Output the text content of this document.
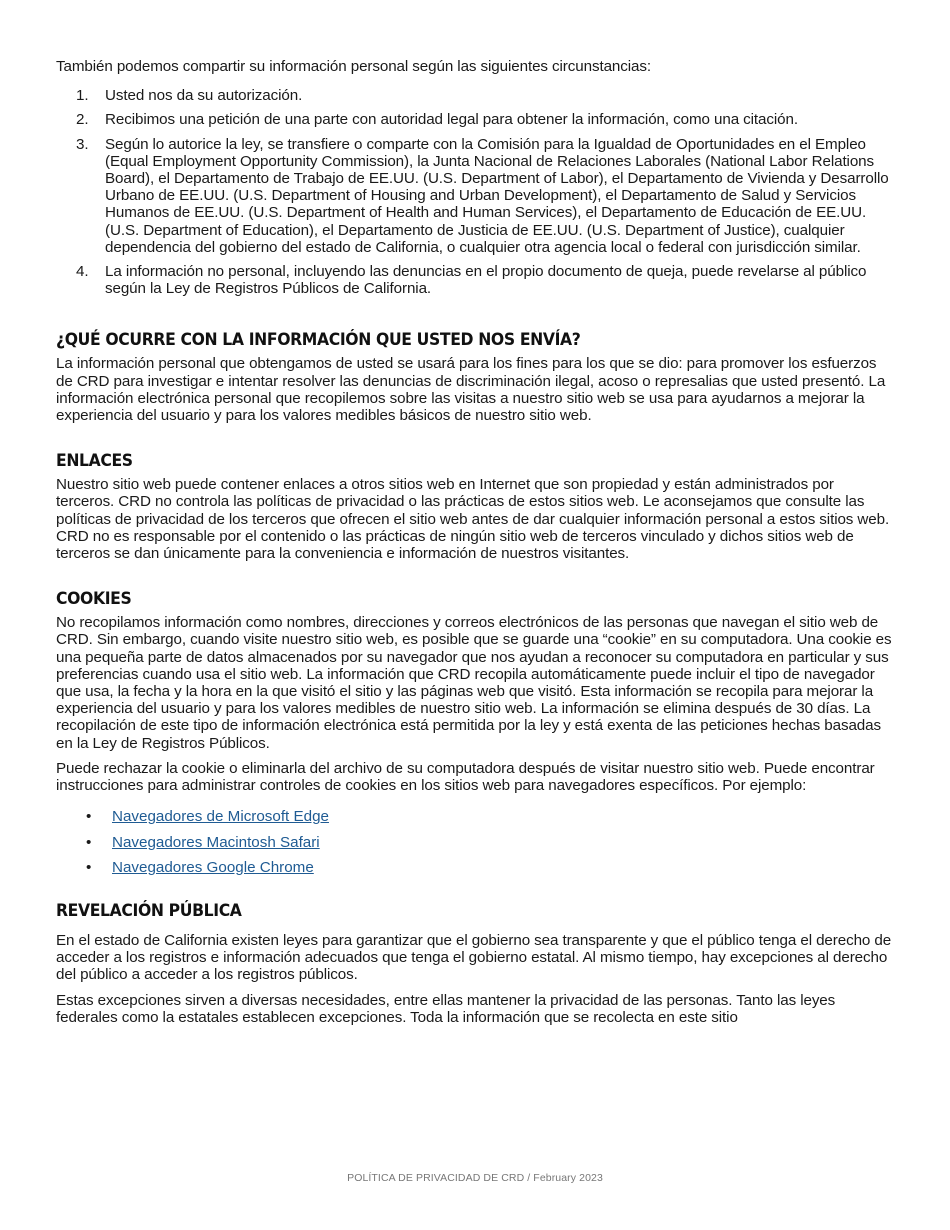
También podemos compartir su información personal según las siguientes circunstancias:

1. Usted nos da su autorización.
2. Recibimos una petición de una parte con autoridad legal para obtener la información, como una citación.
3. Según lo autorice la ley, se transfiere o comparte con la Comisión para la Igualdad de Oportunidades en el Empleo (Equal Employment Opportunity Commission), la Junta Nacional de Relaciones Laborales (National Labor Relations Board), el Departamento de Trabajo de EE.UU. (U.S. Department of Labor), el Departamento de Vivienda y Desarrollo Urbano de EE.UU. (U.S. Department of Housing and Urban Development), el Departamento de Salud y Servicios Humanos de EE.UU. (U.S. Department of Health and Human Services), el Departamento de Educación de EE.UU. (U.S. Department of Education), el Departamento de Justicia de EE.UU. (U.S. Department of Justice), cualquier dependencia del gobierno del estado de California, o cualquier otra agencia local o federal con jurisdicción similar.
4. La información no personal, incluyendo las denuncias en el propio documento de queja, puede revelarse al público según la Ley de Registros Públicos de California.
¿QUÉ OCURRE CON LA INFORMACIÓN QUE USTED NOS ENVÍA?

La información personal que obtengamos de usted se usará para los fines para los que se dio: para promover los esfuerzos de CRD para investigar e intentar resolver las denuncias de discriminación ilegal, acoso o represalias que usted presentó. La información electrónica personal que recopilemos sobre las visitas a nuestro sitio web se usa para ayudarnos a mejorar la experiencia del usuario y para los valores medibles básicos de nuestro sitio web.

ENLACES

Nuestro sitio web puede contener enlaces a otros sitios web en Internet que son propiedad y están administrados por terceros. CRD no controla las políticas de privacidad o las prácticas de estos sitios web. Le aconsejamos que consulte las políticas de privacidad de los terceros que ofrecen el sitio web antes de dar cualquier información personal a estos sitios web. CRD no es responsable por el contenido o las prácticas de ningún sitio web de terceros vinculado y dichos sitios web de terceros se dan únicamente para la conveniencia e información de nuestros visitantes.

COOKIES

No recopilamos información como nombres, direcciones y correos electrónicos de las personas que navegan el sitio web de CRD. Sin embargo, cuando visite nuestro sitio web, es posible que se guarde una “cookie” en su computadora. Una cookie es una pequeña parte de datos almacenados por su navegador que nos ayudan a reconocer su computadora en particular y sus preferencias cuando usa el sitio web. La información que CRD recopila automáticamente puede incluir el tipo de navegador que usa, la fecha y la hora en la que visitó el sitio y las páginas web que visitó. Esta información se recopila para mejorar la experiencia del usuario y para los valores medibles de nuestro sitio web. La información se elimina después de 30 días. La recopilación de este tipo de información electrónica está permitida por la ley y está exenta de las peticiones hechas basadas en la Ley de Registros Públicos.

Puede rechazar la cookie o eliminarla del archivo de su computadora después de visitar nuestro sitio web. Puede encontrar instrucciones para administrar controles de cookies en los sitios web para navegadores específicos. Por ejemplo:

• Navegadores de Microsoft Edge
• Navegadores Macintosh Safari
• Navegadores Google Chrome
REVELACIÓN PÚBLICA

En el estado de California existen leyes para garantizar que el gobierno sea transparente y que el público tenga el derecho de acceder a los registros e información adecuados que tenga el gobierno estatal. Al mismo tiempo, hay excepciones al derecho del público a acceder a los registros públicos.

Estas excepciones sirven a diversas necesidades, entre ellas mantener la privacidad de las personas. Tanto las leyes federales como la estatales establecen excepciones. Toda la información que se recolecta en este sitio

POLÍTICA DE PRIVACIDAD DE CRD / February 2023
